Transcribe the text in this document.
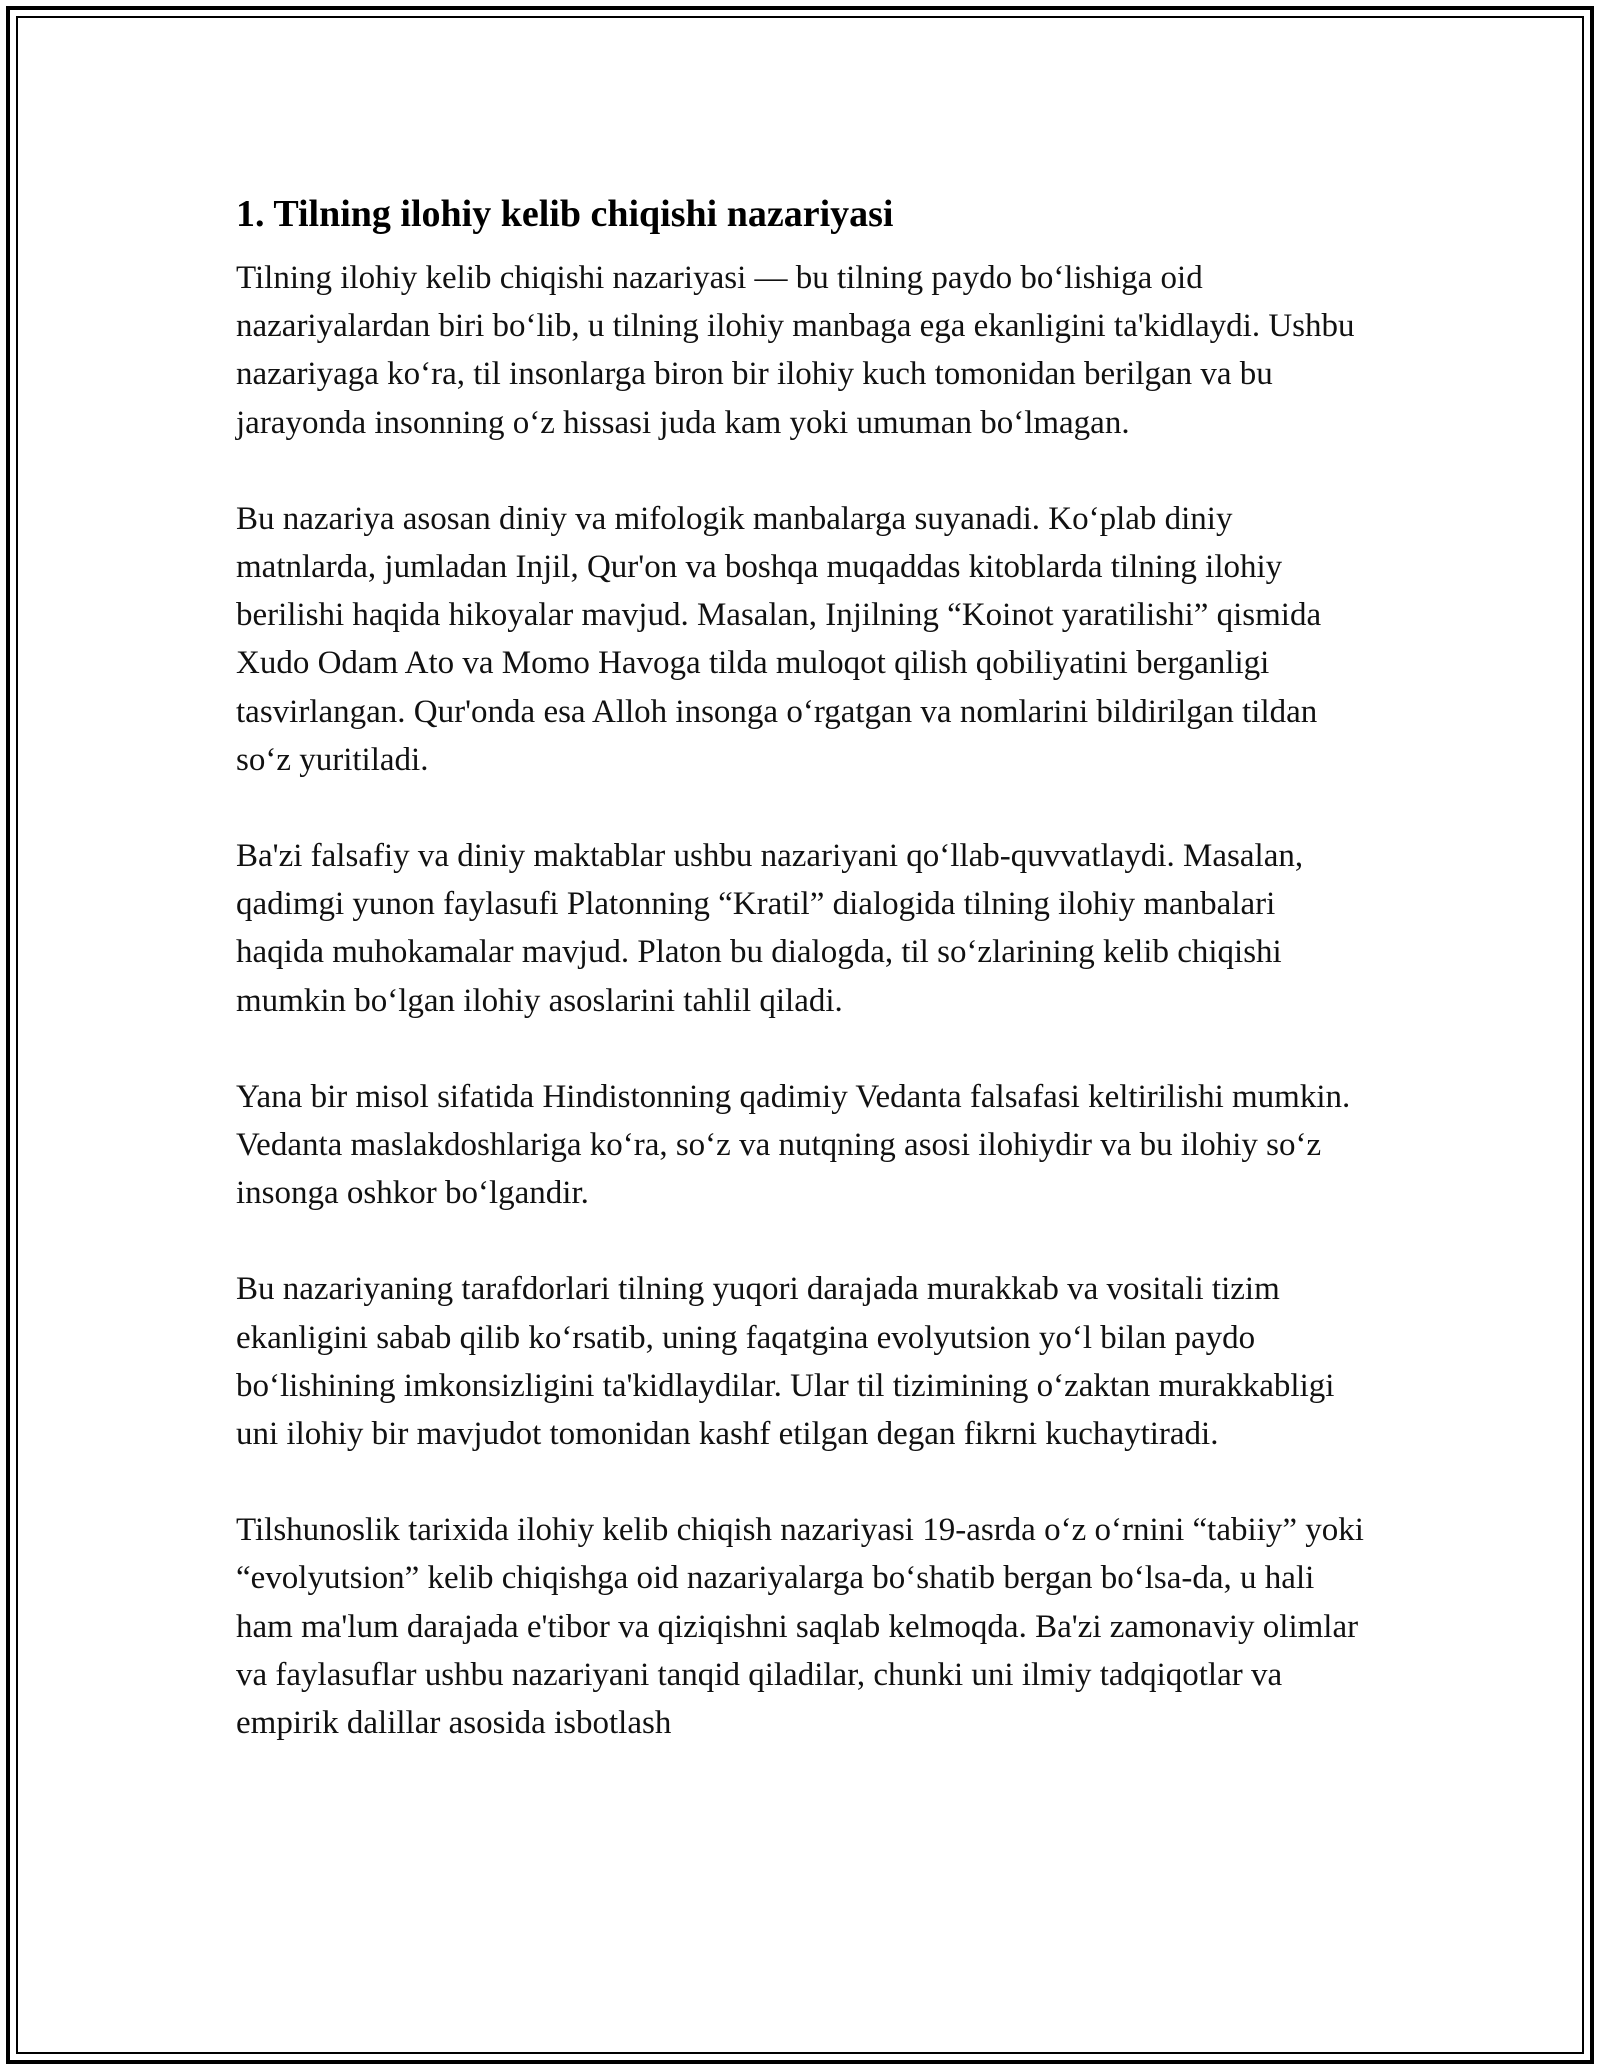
1. Tilning ilohiy kelib chiqishi nazariyasi

Tilning ilohiy kelib chiqishi nazariyasi — bu tilning paydo bo‘lishiga oid nazariyalardan biri bo‘lib, u tilning ilohiy manbaga ega ekanligini ta'kidlaydi. Ushbu nazariyaga ko‘ra, til insonlarga biron bir ilohiy kuch tomonidan berilgan va bu jarayonda insonning o‘z hissasi juda kam yoki umuman bo‘lmagan.

Bu nazariya asosan diniy va mifologik manbalarga suyanadi. Ko‘plab diniy matnlarda, jumladan Injil, Qur'on va boshqa muqaddas kitoblarda tilning ilohiy berilishi haqida hikoyalar mavjud. Masalan, Injilning “Koinot yaratilishi” qismida Xudo Odam Ato va Momo Havoga tilda muloqot qilish qobiliyatini berganligi tasvirlangan. Qur'onda esa Alloh insonga o‘rgatgan va nomlarini bildirilgan tildan so‘z yuritiladi.

Ba'zi falsafiy va diniy maktablar ushbu nazariyani qo‘llab-quvvatlaydi. Masalan, qadimgi yunon faylasufi Platonning “Kratil” dialogida tilning ilohiy manbalari haqida muhokamalar mavjud. Platon bu dialogda, til so‘zlarining kelib chiqishi mumkin bo‘lgan ilohiy asoslarini tahlil qiladi.

Yana bir misol sifatida Hindistonning qadimiy Vedanta falsafasi keltirilishi mumkin. Vedanta maslakdoshlariga ko‘ra, so‘z va nutqning asosi ilohiydir va bu ilohiy so‘z insonga oshkor bo‘lgandir.

Bu nazariyaning tarafdorlari tilning yuqori darajada murakkab va vositali tizim ekanligini sabab qilib ko‘rsatib, uning faqatgina evolyutsion yo‘l bilan paydo bo‘lishining imkonsizligini ta'kidlaydilar. Ular til tizimining o‘zaktan murakkabligi uni ilohiy bir mavjudot tomonidan kashf etilgan degan fikrni kuchaytiradi.

Tilshunoslik tarixida ilohiy kelib chiqish nazariyasi 19-asrda o‘z o‘rnini “tabiiy” yoki “evolyutsion” kelib chiqishga oid nazariyalarga bo‘shatib bergan bo‘lsa-da, u hali ham ma'lum darajada e'tibor va qiziqishni saqlab kelmoqda. Ba'zi zamonaviy olimlar va faylasuflar ushbu nazariyani tanqid qiladilar, chunki uni ilmiy tadqiqotlar va empirik dalillar asosida isbotlash
